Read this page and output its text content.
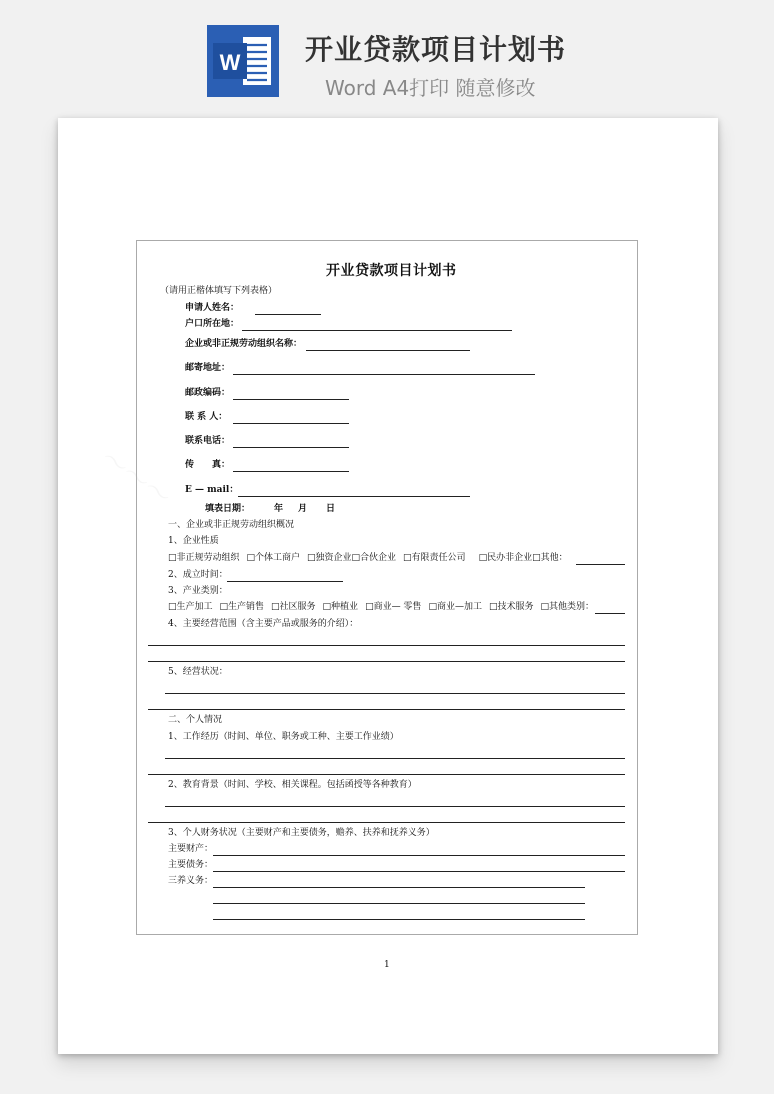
W 开业贷款项目计划书
Word A4打印 随意修改
〜〜〜
开业贷款项目计划书
（请用正楷体填写下列表格）
申请人姓名：
户口所在地：
企业或非正规劳动组织名称：
邮寄地址：
邮政编码：
联 系 人：
联系电话：
传　　真：
E — mail：
填表日期：	年 月 日
一、企业或非正规劳动组织概况
1、企业性质
□非正规劳动组织 □个体工商户 □独资企业□合伙企业 □有限责任公司 □民办非企业□其他：
2、成立时间：
3、产业类别：
□生产加工 □生产销售 □社区服务 □种植业 □商业— 零售 □商业—加工 □技术服务 □其他类别：
4、主要经营范围（含主要产品或服务的介绍）：
5、经营状况：
二、个人情况
1、工作经历（时间、单位、职务或工种、主要工作业绩）
2、教育背景（时间、学校、相关课程。包括函授等各种教育）
3、个人财务状况（主要财产和主要债务，赡养、扶养和抚养义务）
主要财产：
主要债务：
三养义务：
1
